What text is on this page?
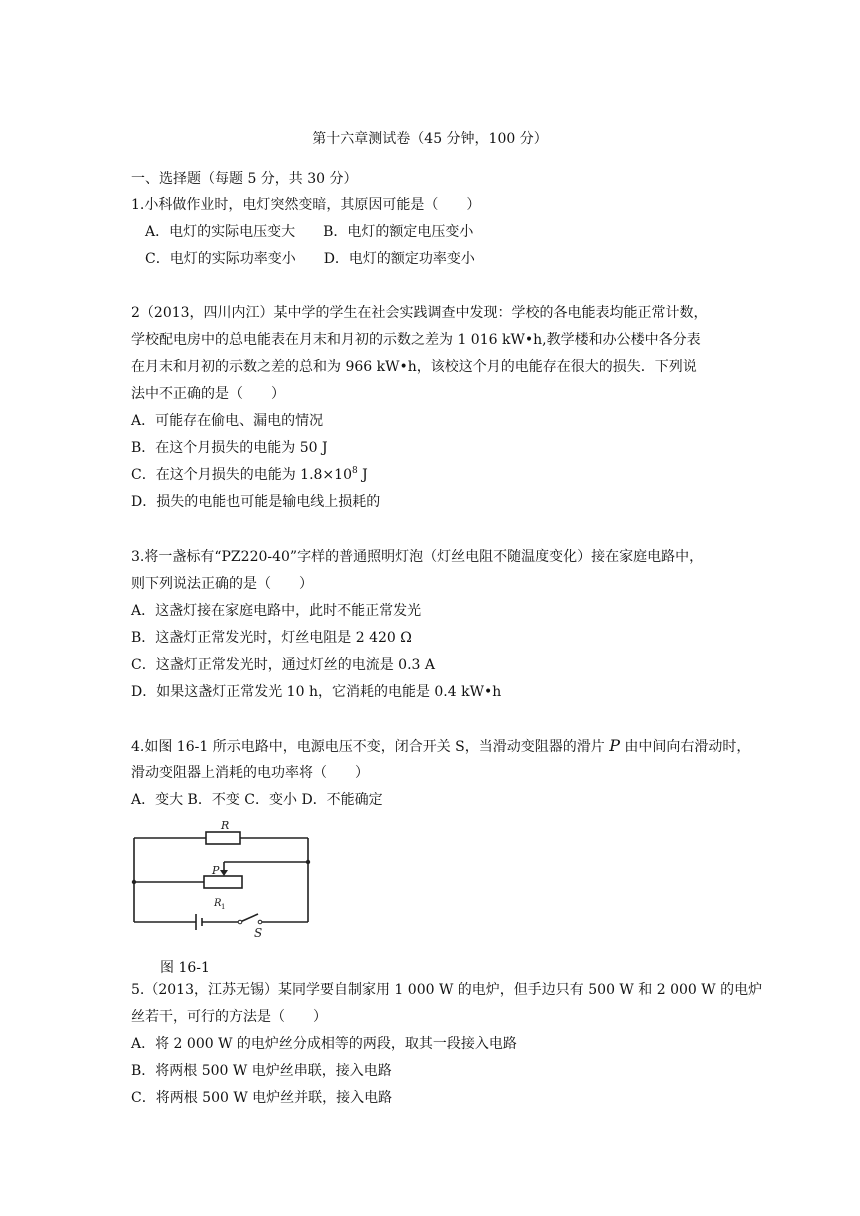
第十六章测试卷（45 分钟，100 分）
一、选择题（每题 5 分，共 30 分）
1.小科做作业时，电灯突然变暗，其原因可能是（　　）
　A．电灯的实际电压变大　　B．电灯的额定电压变小
　C．电灯的实际功率变小　　D．电灯的额定功率变小
2（2013，四川内江）某中学的学生在社会实践调查中发现：学校的各电能表均能正常计数，
学校配电房中的总电能表在月末和月初的示数之差为 1 016 kW•h,教学楼和办公楼中各分表
在月末和月初的示数之差的总和为 966 kW•h，该校这个月的电能存在很大的损失．下列说
法中不正确的是（　　）
A．可能存在偷电、漏电的情况
B．在这个月损失的电能为 50 J
C．在这个月损失的电能为 $1.8\times 10^8$ J
D．损失的电能也可能是输电线上损耗的
3.将一盏标有“PZ220-40”字样的普通照明灯泡（灯丝电阻不随温度变化）接在家庭电路中，
则下列说法正确的是（　　）
A．这盏灯接在家庭电路中，此时不能正常发光
B．这盏灯正常发光时，灯丝电阻是 2 420 Ω
C．这盏灯正常发光时，通过灯丝的电流是 0.3 A
D．如果这盏灯正常发光 10 h，它消耗的电能是 0.4 kW•h
4.如图 16-1 所示电路中，电源电压不变，闭合开关 S，当滑动变阻器的滑片 P 由中间向右滑动时，
滑动变阻器上消耗的电功率将（　　）
A．变大 B．不变 C．变小 D．不能确定
R
P
R 1
S
图 16-1
5.（2013，江苏无锡）某同学要自制家用 1 000 W 的电炉，但手边只有 500 W 和 2 000 W 的电炉
丝若干，可行的方法是（　　）
A．将 2 000 W 的电炉丝分成相等的两段，取其一段接入电路
B．将两根 500 W 电炉丝串联，接入电路
C．将两根 500 W 电炉丝并联，接入电路
